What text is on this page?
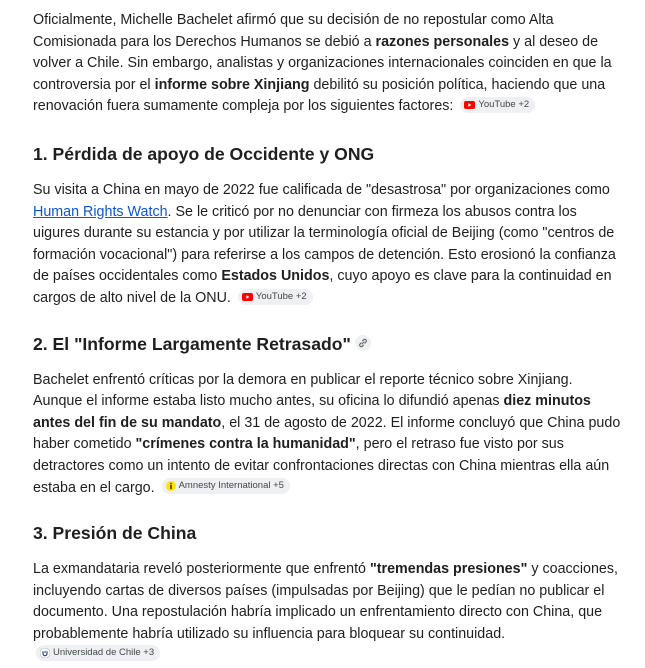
Oficialmente, Michelle Bachelet afirmó que su decisión de no repostular como Alta Comisionada para los Derechos Humanos se debió a razones personales y al deseo de volver a Chile. Sin embargo, analistas y organizaciones internacionales coinciden en que la controversia por el informe sobre Xinjiang debilitó su posición política, haciendo que una renovación fuera sumamente compleja por los siguientes factores:	YouTube +2

1. Pérdida de apoyo de Occidente y ONG

Su visita a China en mayo de 2022 fue calificada de "desastrosa" por organizaciones como Human Rights Watch. Se le criticó por no denunciar con firmeza los abusos contra los uigures durante su estancia y por utilizar la terminología oficial de Beijing (como "centros de formación vocacional") para referirse a los campos de detención. Esto erosionó la confianza de países occidentales como Estados Unidos, cuyo apoyo es clave para la continuidad en cargos de alto nivel de la ONU.	YouTube +2

2. El "Informe Largamente Retrasado"

Bachelet enfrentó críticas por la demora en publicar el reporte técnico sobre Xinjiang. Aunque el informe estaba listo mucho antes, su oficina lo difundió apenas diez minutos antes del fin de su mandato, el 31 de agosto de 2022. El informe concluyó que China pudo haber cometido "crímenes contra la humanidad", pero el retraso fue visto por sus detractores como un intento de evitar confrontaciones directas con China mientras ella aún estaba en el cargo.	Amnesty International +5

3. Presión de China

La exmandataria reveló posteriormente que enfrentó "tremendas presiones" y coacciones, incluyendo cartas de diversos países (impulsadas por Beijing) que le pedían no publicar el documento. Una repostulación habría implicado un enfrentamiento directo con China, que probablemente habría utilizado su influencia para bloquear su continuidad.
Universidad de Chile +3
